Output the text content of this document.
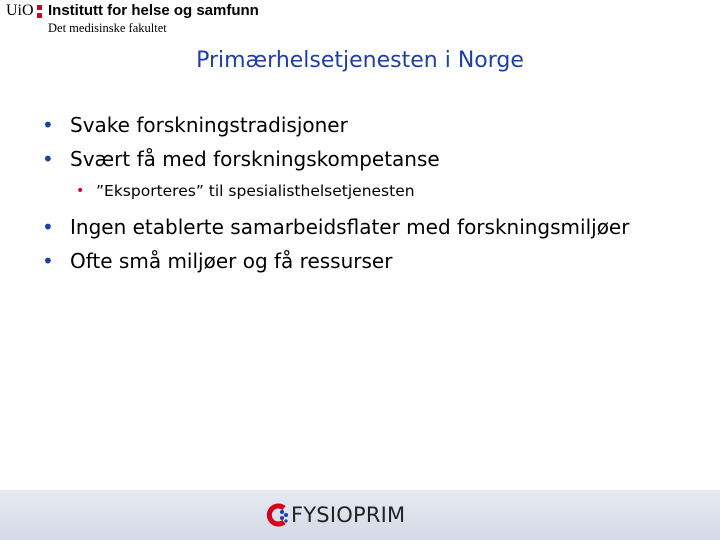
UiO Institutt for helse og samfunn
Det medisinske fakultet
Primærhelsetjenesten i Norge
• Svake forskningstradisjoner
• Svært få med forskningskompetanse
• ”Eksporteres” til spesialisthelsetjenesten
• Ingen etablerte samarbeidsflater med forskningsmiljøer
• Ofte små miljøer og få ressurser
FYSIOPRIM
